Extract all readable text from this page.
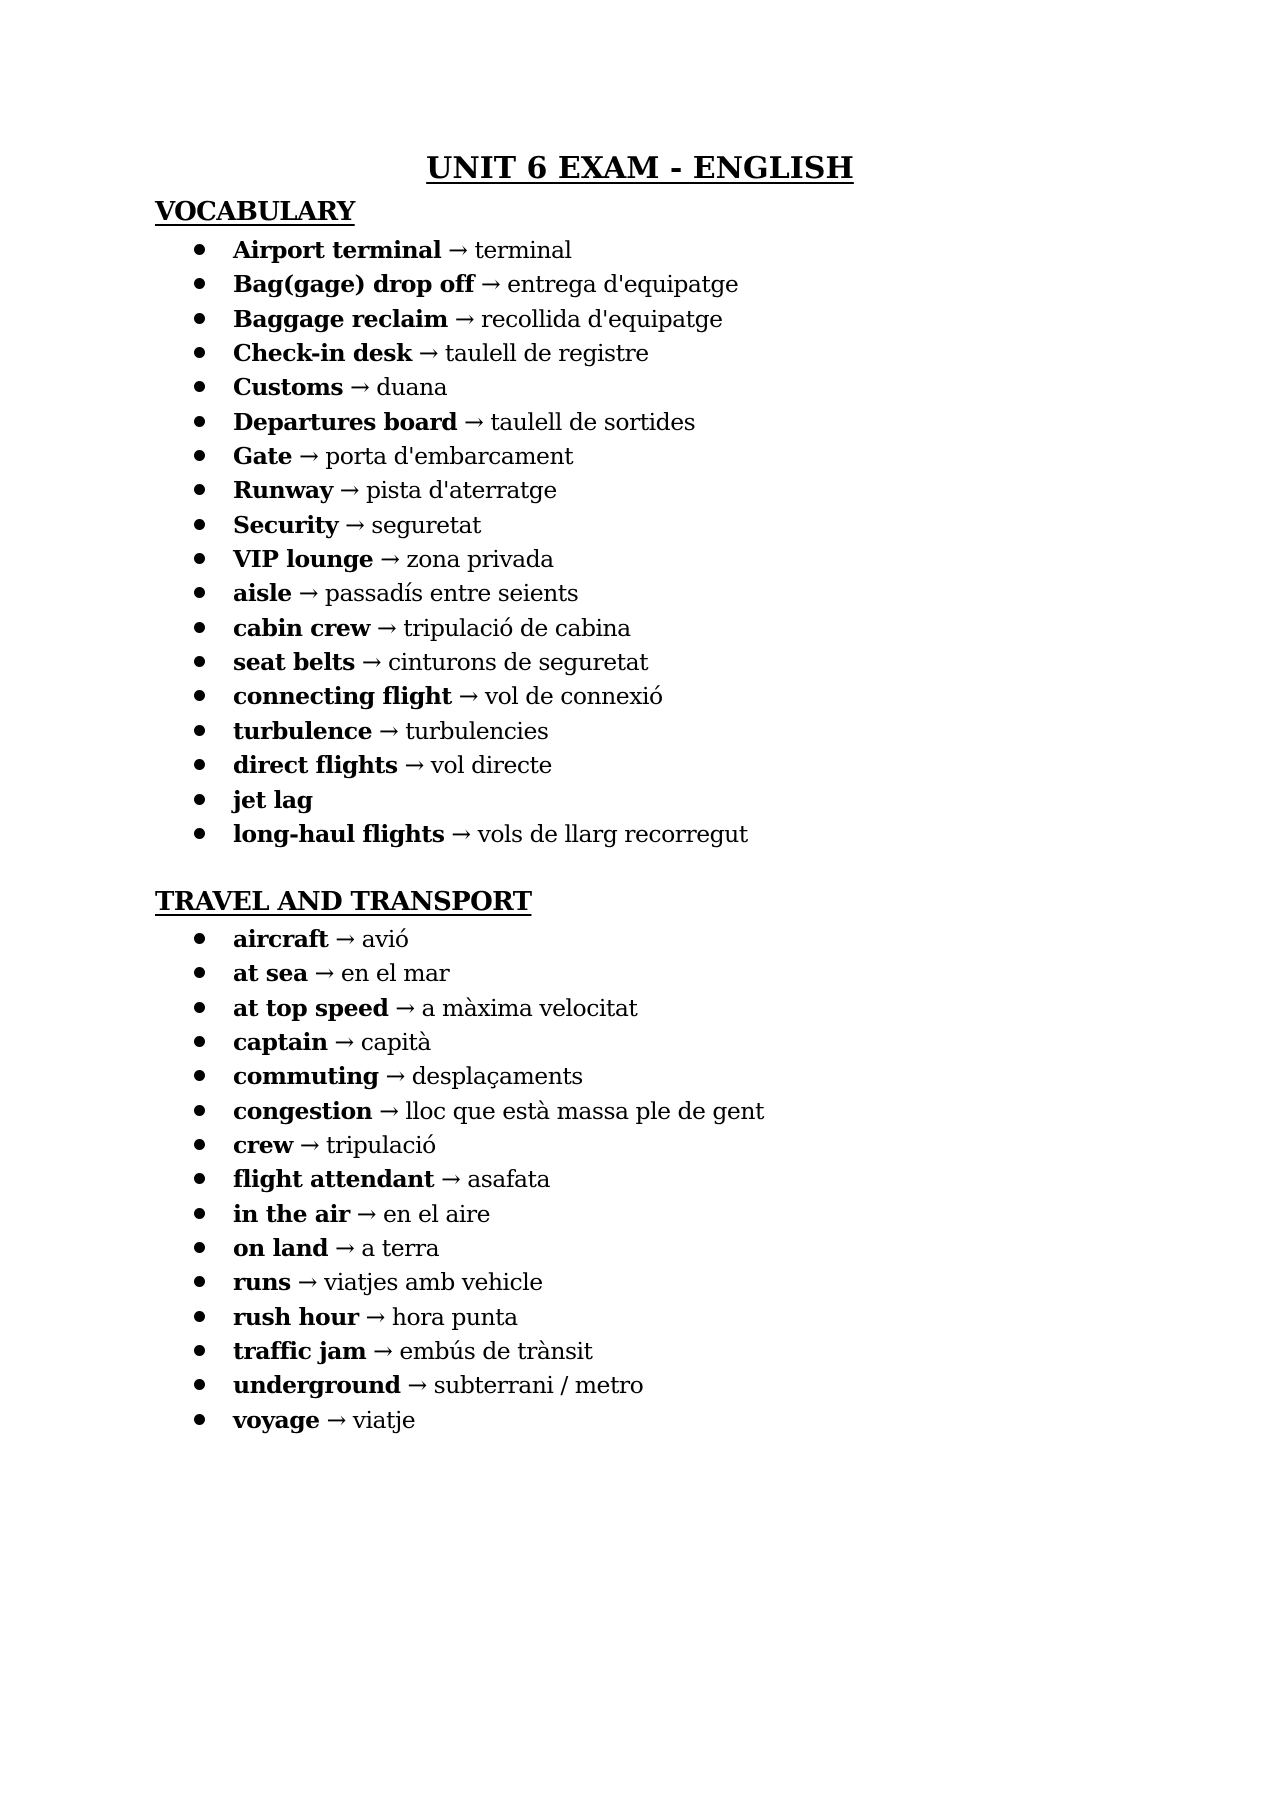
UNIT 6 EXAM - ENGLISH
VOCABULARY
Airport terminal → terminal
Bag(gage) drop off → entrega d'equipatge
Baggage reclaim → recollida d'equipatge
Check-in desk → taulell de registre
Customs → duana
Departures board → taulell de sortides
Gate → porta d'embarcament
Runway → pista d'aterratge
Security → seguretat
VIP lounge → zona privada
aisle → passadís entre seients
cabin crew → tripulació de cabina
seat belts → cinturons de seguretat
connecting flight → vol de connexió
turbulence → turbulencies
direct flights → vol directe
jet lag
long-haul flights → vols de llarg recorregut
TRAVEL AND TRANSPORT
aircraft → avió
at sea → en el mar
at top speed → a màxima velocitat
captain → capità
commuting → desplaçaments
congestion → lloc que està massa ple de gent
crew → tripulació
flight attendant → asafata
in the air → en el aire
on land → a terra
runs → viatjes amb vehicle
rush hour → hora punta
traffic jam → embús de trànsit
underground → subterrani / metro
voyage → viatje
